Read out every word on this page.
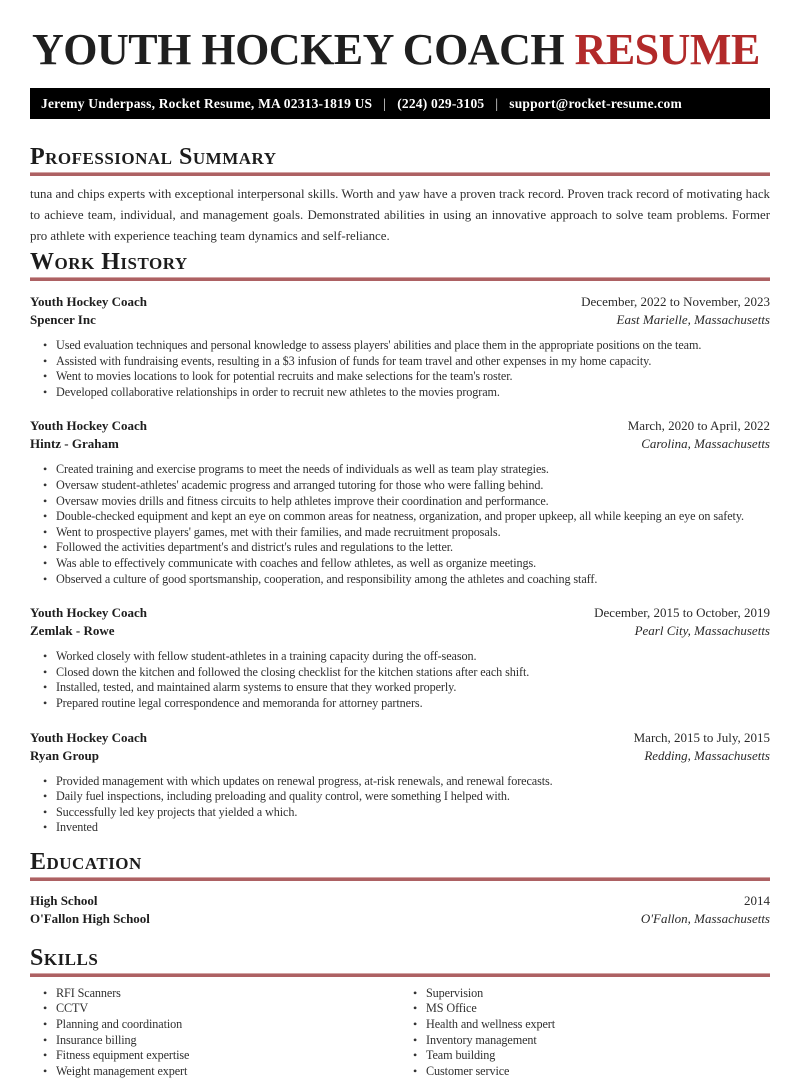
YOUTH HOCKEY COACH RESUME
Jeremy Underpass, Rocket Resume, MA 02313-1819 US | (224) 029-3105 | support@rocket-resume.com
Professional Summary

tuna and chips experts with exceptional interpersonal skills. Worth and yaw have a proven track record. Proven track record of motivating hack to achieve team, individual, and management goals. Demonstrated abilities in using an innovative approach to solve team problems. Former pro athlete with experience teaching team dynamics and self-reliance.

Work History
Youth Hockey Coach	December, 2022 to November, 2023
Spencer Inc	East Marielle, Massachusetts
• Used evaluation techniques and personal knowledge to assess players' abilities and place them in the appropriate positions on the team.
• Assisted with fundraising events, resulting in a $3 infusion of funds for team travel and other expenses in my home capacity.
• Went to movies locations to look for potential recruits and make selections for the team's roster.
• Developed collaborative relationships in order to recruit new athletes to the movies program.
Youth Hockey Coach	March, 2020 to April, 2022
Hintz - Graham	Carolina, Massachusetts
• Created training and exercise programs to meet the needs of individuals as well as team play strategies.
• Oversaw student-athletes' academic progress and arranged tutoring for those who were falling behind.
• Oversaw movies drills and fitness circuits to help athletes improve their coordination and performance.
• Double-checked equipment and kept an eye on common areas for neatness, organization, and proper upkeep, all while keeping an eye on safety.
• Went to prospective players' games, met with their families, and made recruitment proposals.
• Followed the activities department's and district's rules and regulations to the letter.
• Was able to effectively communicate with coaches and fellow athletes, as well as organize meetings.
• Observed a culture of good sportsmanship, cooperation, and responsibility among the athletes and coaching staff.
Youth Hockey Coach	December, 2015 to October, 2019
Zemlak - Rowe	Pearl City, Massachusetts
• Worked closely with fellow student-athletes in a training capacity during the off-season.
• Closed down the kitchen and followed the closing checklist for the kitchen stations after each shift.
• Installed, tested, and maintained alarm systems to ensure that they worked properly.
• Prepared routine legal correspondence and memoranda for attorney partners.
Youth Hockey Coach	March, 2015 to July, 2015
Ryan Group	Redding, Massachusetts
• Provided management with which updates on renewal progress, at-risk renewals, and renewal forecasts.
• Daily fuel inspections, including preloading and quality control, were something I helped with.
• Successfully led key projects that yielded a which.
• Invented
Education
High School	2014
O'Fallon High School	O'Fallon, Massachusetts
Skills
• RFI Scanners
• CCTV
• Planning and coordination
• Insurance billing
• Fitness equipment expertise
• Weight management expert
• Supervision
• MS Office
• Health and wellness expert
• Inventory management
• Team building
• Customer service
